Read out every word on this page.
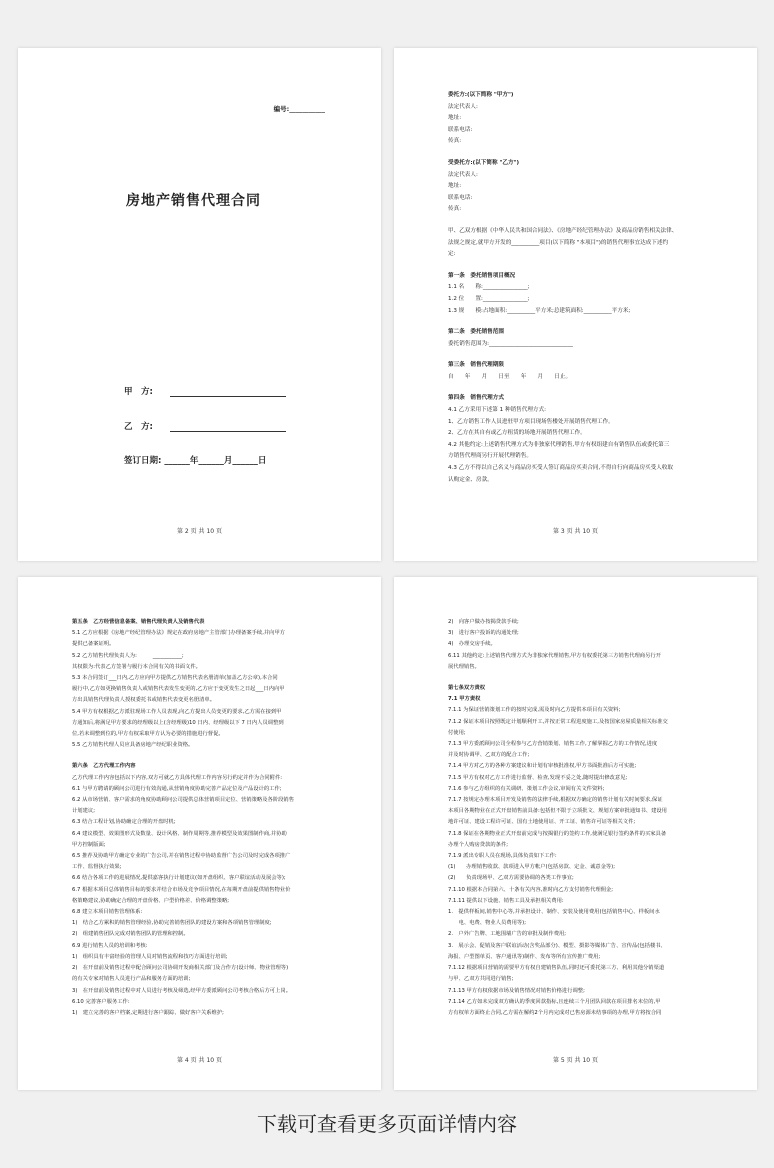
编号:___________
房地产销售代理合同
甲　方:
乙　方:
签订日期: ______年______月______日
第 2 页 共 10 页
委托方:(以下简称 "甲方")
法定代表人:
地址:
联系电话:
传真:
受委托方:(以下简称 "乙方")
法定代表人:
地址:
联系电话:
传真:
甲、乙双方根据《中华人民共和国合同法》、《房地产经纪管理办法》及商品房销售相关法律、
法规之规定,就甲方开发的__________项目(以下简称 "本项目")的销售代理事宜达成下述约
定:
第一条　委托销售项目概况
1.1 名　　称:________________;
1.2 位　　置:________________;
1.3 规　　模:占地面积:__________平方米;总建筑面积:__________平方米;
第二条　委托销售范围
委托销售范围为:______________________________
第三条　销售代理期限
自　　年　　月　　日至　　年　　月　　日止。
第四条　销售代理方式
4.1 乙方采用下述第 1 种销售代理方式:
1、乙方销售工作人员进驻甲方项目现场售楼处开展销售代理工作。
2、乙方在其自有或乙方租赁的场地开展销售代理工作。
4.2 其他约定:上述销售代理方式为非独家代理销售,甲方有权组建自有销售队伍或委托第三
方销售代理商另行开展代理销售。
4.3 乙方不得以自己名义与商品房买受人签订商品房买卖合同,不得自行向商品房买受人收取
认购定金、房款。
第 3 页 共 10 页
第五条　乙方经营信息备案、销售代理负责人及销售代表
5.1 乙方应根据《房地产经纪管理办法》规定在政府房地产主管部门办理备案手续,并向甲方
提供已备案证明。
5.2 乙方销售代理负责人为:　　　___________;
其权限为:代表乙方签署与履行本合同有关的书面文件。
5.3 本合同签订___日内,乙方应向甲方提供乙方销售代表名册清单(加盖乙方公章),本合同
履行中,乙方如更换销售负责人或销售代表发生变更的,乙方应于变更发生之日起___日内向甲
方出具销售代理负责人授权委托书或销售代表变更名册清单。
5.4 甲方有权根据乙方派驻现场工作人员表现,向乙方提出人员变更的要求,乙方需在接到甲
方通知后,将满足甲方要求的经理级以上(含经理级)10 日内、经理级以下 7 日内人员调整到
位,若未调整到位的,甲方有权采取甲方认为必要的措施进行督促。
5.5 乙方销售代理人员应具备房地产经纪职业资格。
第六条　乙方代理工作内容
乙方代理工作内容包括以下内容,双方可就乙方具体代理工作内容另行约定并作为合同附件:
6.1 与甲方聘请的顾问公司进行有效沟通,从营销角度协助完善产品定位及产品设计的工作;
6.2 从市场营销、客户需求的角度协助顾问公司提供总体营销项目定位、营销策略及各阶段销售
计划建议;
6.3 结合工程计划,协助确定合理的开盘时机;
6.4 建议模型、效果图形式及数量、设计风格、制作周期等,推荐模型及效果图制作商,并协助
甲方控制版面;
6.5 推荐及协助甲方确定专业的广告公司,并在销售过程中协助监督广告公司及时完成各项推广
工作、监督执行效果;
6.6 结合各项工作的进展情况,提供嘉客执行计划建议(如开盘组织、客户联谊活动及展会等);
6.7 根据本项目总体销售目标的要求并结合市场及竞争项目情况,在每期开盘前提供销售物业价
格策略建议,协助确定合理的开盘价格、户型价格差、价格调整策略;
6.8 建立本项目销售管理体系:
1)　结合乙方累积的销售管理经验,协助完善销售团队的建设方案和各项销售管理制度;
2)　组建销售团队完成对销售团队的管理和控制。
6.9 进行销售人员的培训和考核:
1)　组织具有丰富经验的管理人员对销售流程和技巧方面进行培训;
2)　在开盘前及销售过程中配合顾问公司协调开发商相关部门及合作方(设计师、物业管理等)
的有关专家对销售人员进行产品和服务方面的培训;
3)　在开盘前及销售过程中对人员进行考核及筛选,经甲方委派顾问公司考核合格后方可上岗。
6.10 完善客户服务工作:
1)　建立完善的客户档案,定期进行客户跟踪、做好客户关系维护;
第 4 页 共 10 页
2)　向客户做办按揭贷款手续;
3)　进行客户投诉的沟通处理;
4)　办理交房手续。
6.11 其他约定:上述销售代理方式为非独家代理销售,甲方有权委托第三方销售代理商另行开
展代理销售。
第七条双方责权
7.1 甲方责权
7.1.1 为保证营销策划工作的按时完成,需及时向乙方提供本项目有关资料;
7.1.2 保证本项目按照既定计划顺利开工,并按正常工程进度施工,及按国家房屋质量相关标准交
付使用;
7.1.3 甲方委派顾问公司全程参与乙方营销策划、销售工作,了解掌握乙方的工作情况,进度
并及时协调甲、乙双方的配合工作;
7.1.4 甲方对乙方的各种方案建议和计划有审核批准权,甲方书面批准后方可实施;
7.1.5 甲方有权对乙方工作进行监督、检查,发现不妥之处,随时提出修改意见;
7.1.6 参与乙方组织的有关调研、策划工作会议,审阅有关文件资料;
7.1.7 按规定办理本项目开发及销售的法律手续,根据双方确定的销售计划有关时间要求,保证
本项目各期物业在正式开盘销售前具备:包括但不限于立项批文、规划方案审批通知书、建设用
地许可证、建设工程许可证、国有土地使用证、开工证、销售许可证等相关文件;
7.1.8 保证在各期物业正式开盘前完成与按揭银行的签约工作,使满足银行签约条件的买家具备
办理个人购房贷款的条件;
7.1.9 派出专职人员在现场,具体负责如下工作:
(1)　　办理销售收款、款项进入甲方帐户(包括房款、定金、诚意金等);
(2)　　负责现场甲、乙双方需要协调的各类工作事宜;
7.1.10 根据本合同第六、十条有关内容,准时向乙方支付销售代理佣金;
7.1.11 提供以下设施、销售工具及承担相关费用:
1.　提供样板间,销售中心等,并承担设计、制作、安装及使用费用(包括销售中心、样板间水
　　电、电费、物业人员费用等);
2.　户外广告牌、工地围墙广告的审批及制作费用;
3.　展示会、促销及客户联谊活动(含奖品部分)、模型、摄影等媒体广告、宣传品(包括楼书、
海报、户型图单页、客户通讯等)制作、发布等所有宣传推广费用;
7.1.12 根据项目营销的需要甲方有权自建销售队伍,同时还可委托第三方、利用其他分销渠道
与甲、乙双方共同进行销售;
7.1.13 甲方有权依据市场及销售情况对销售价格进行调整;
7.1.14 乙方如未完成双方确认的季度回款指标,且连续三个月团队回款在项目排名末位的,甲
方有权单方面终止合同,乙方需在解约2个月内完成对已售房源未结事项的办理,甲方将按合同
第 5 页 共 10 页
下载可查看更多页面详情内容
